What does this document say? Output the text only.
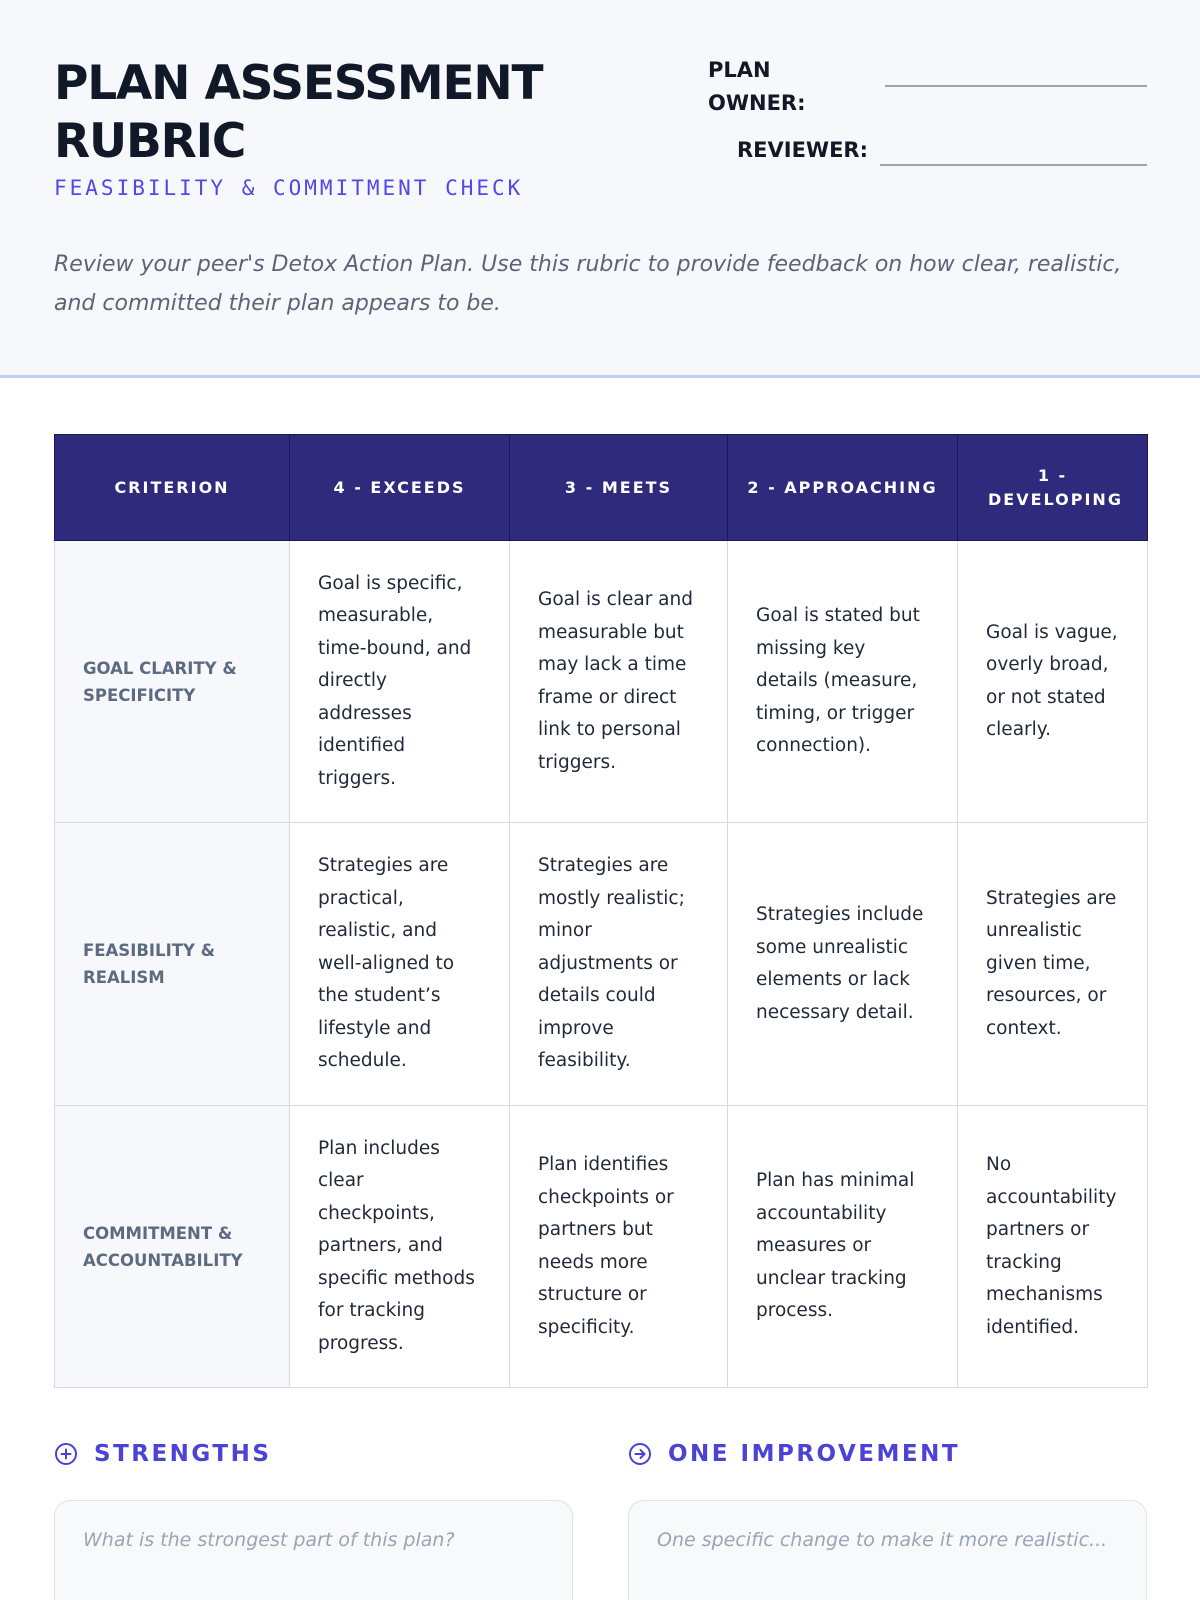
PLAN ASSESSMENT RUBRIC
FEASIBILITY & COMMITMENT CHECK
PLAN OWNER:
REVIEWER:

Review your peer's Detox Action Plan. Use this rubric to provide feedback on how clear, realistic, and committed their plan appears to be.

CRITERION	4 - EXCEEDS	3 - MEETS	2 - APPROACHING	1 - DEVELOPING
GOAL CLARITY & SPECIFICITY	Goal is specific, measurable, time-bound, and directly addresses identified triggers.	Goal is clear and measurable but may lack a time frame or direct link to personal triggers.	Goal is stated but missing key details (measure, timing, or trigger connection).	Goal is vague, overly broad, or not stated clearly.
FEASIBILITY & REALISM	Strategies are practical, realistic, and well-aligned to the student’s lifestyle and schedule.	Strategies are mostly realistic; minor adjustments or details could improve feasibility.	Strategies include some unrealistic elements or lack necessary detail.	Strategies are unrealistic given time, resources, or context.
COMMITMENT & ACCOUNTABILITY	Plan includes clear checkpoints, partners, and specific methods for tracking progress.	Plan identifies checkpoints or partners but needs more structure or specificity.	Plan has minimal accountability measures or unclear tracking process.	No accountability partners or tracking mechanisms identified.
STRENGTHS
What is the strongest part of this plan?
ONE IMPROVEMENT
One specific change to make it more realistic...
